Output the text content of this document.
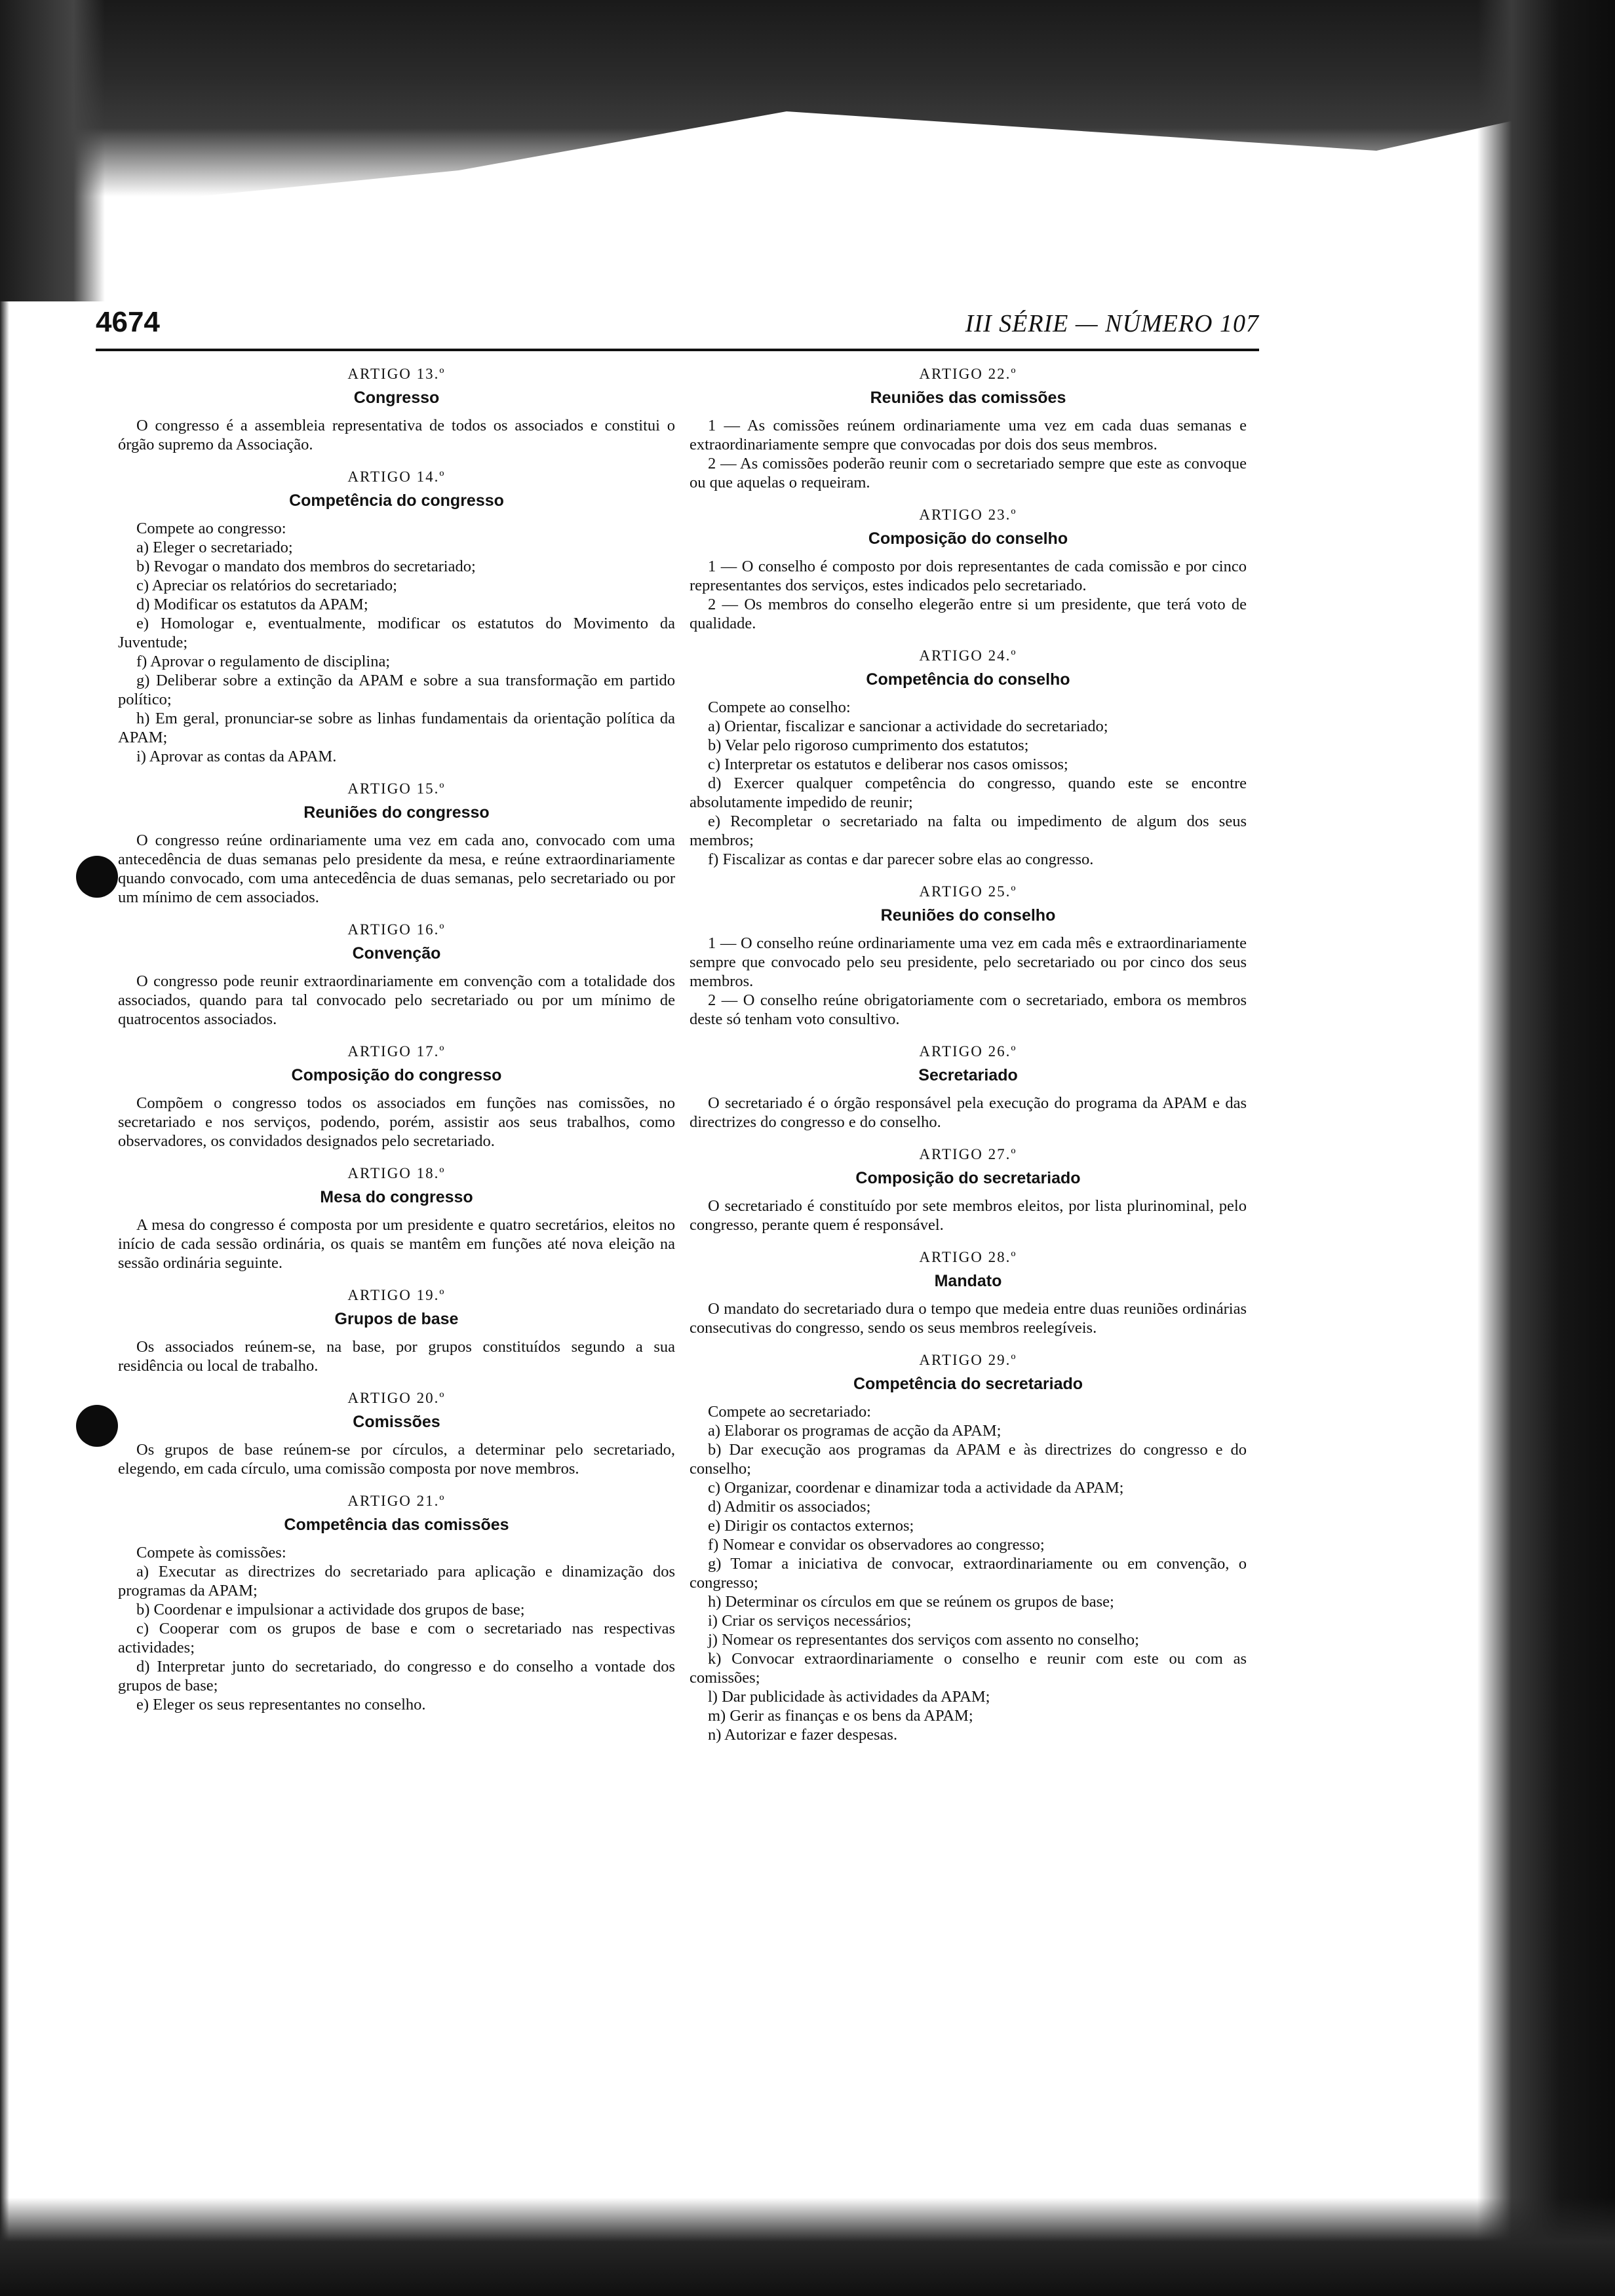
4674	III SÉRIE — NÚMERO 107
ARTIGO 13.º
Congresso

O congresso é a assembleia representativa de todos os associados e constitui o órgão supremo da Associação.

ARTIGO 14.º
Competência do congresso

Compete ao congresso:

a) Eleger o secretariado;

b) Revogar o mandato dos membros do secretariado;

c) Apreciar os relatórios do secretariado;

d) Modificar os estatutos da APAM;

e) Homologar e, eventualmente, modificar os estatutos do Movimento da Juventude;

f) Aprovar o regulamento de disciplina;

g) Deliberar sobre a extinção da APAM e sobre a sua transformação em partido político;

h) Em geral, pronunciar-se sobre as linhas fundamentais da orientação política da APAM;

i) Aprovar as contas da APAM.

ARTIGO 15.º
Reuniões do congresso

O congresso reúne ordinariamente uma vez em cada ano, convocado com uma antecedência de duas semanas pelo presidente da mesa, e reúne extraordinariamente quando convocado, com uma antecedência de duas semanas, pelo secretariado ou por um mínimo de cem associados.

ARTIGO 16.º
Convenção

O congresso pode reunir extraordinariamente em convenção com a totalidade dos associados, quando para tal convocado pelo secretariado ou por um mínimo de quatrocentos associados.

ARTIGO 17.º
Composição do congresso

Compõem o congresso todos os associados em funções nas comissões, no secretariado e nos serviços, podendo, porém, assistir aos seus trabalhos, como observadores, os convidados designados pelo secretariado.

ARTIGO 18.º
Mesa do congresso

A mesa do congresso é composta por um presidente e quatro secretários, eleitos no início de cada sessão ordinária, os quais se mantêm em funções até nova eleição na sessão ordinária seguinte.

ARTIGO 19.º
Grupos de base

Os associados reúnem-se, na base, por grupos constituídos segundo a sua residência ou local de trabalho.

ARTIGO 20.º
Comissões

Os grupos de base reúnem-se por círculos, a determinar pelo secretariado, elegendo, em cada círculo, uma comissão composta por nove membros.

ARTIGO 21.º
Competência das comissões

Compete às comissões:

a) Executar as directrizes do secretariado para aplicação e dinamização dos programas da APAM;

b) Coordenar e impulsionar a actividade dos grupos de base;

c) Cooperar com os grupos de base e com o secretariado nas respectivas actividades;

d) Interpretar junto do secretariado, do congresso e do conselho a vontade dos grupos de base;

e) Eleger os seus representantes no conselho.

ARTIGO 22.º
Reuniões das comissões

1 — As comissões reúnem ordinariamente uma vez em cada duas semanas e extraordinariamente sempre que convocadas por dois dos seus membros.

2 — As comissões poderão reunir com o secretariado sempre que este as convoque ou que aquelas o requeiram.

ARTIGO 23.º
Composição do conselho

1 — O conselho é composto por dois representantes de cada comissão e por cinco representantes dos serviços, estes indicados pelo secretariado.

2 — Os membros do conselho elegerão entre si um presidente, que terá voto de qualidade.

ARTIGO 24.º
Competência do conselho

Compete ao conselho:

a) Orientar, fiscalizar e sancionar a actividade do secretariado;

b) Velar pelo rigoroso cumprimento dos estatutos;

c) Interpretar os estatutos e deliberar nos casos omissos;

d) Exercer qualquer competência do congresso, quando este se encontre absolutamente impedido de reunir;

e) Recompletar o secretariado na falta ou impedimento de algum dos seus membros;

f) Fiscalizar as contas e dar parecer sobre elas ao congresso.

ARTIGO 25.º
Reuniões do conselho

1 — O conselho reúne ordinariamente uma vez em cada mês e extraordinariamente sempre que convocado pelo seu presidente, pelo secretariado ou por cinco dos seus membros.

2 — O conselho reúne obrigatoriamente com o secretariado, embora os membros deste só tenham voto consultivo.

ARTIGO 26.º
Secretariado

O secretariado é o órgão responsável pela execução do programa da APAM e das directrizes do congresso e do conselho.

ARTIGO 27.º
Composição do secretariado

O secretariado é constituído por sete membros eleitos, por lista plurinominal, pelo congresso, perante quem é responsável.

ARTIGO 28.º
Mandato

O mandato do secretariado dura o tempo que medeia entre duas reuniões ordinárias consecutivas do congresso, sendo os seus membros reelegíveis.

ARTIGO 29.º
Competência do secretariado

Compete ao secretariado:

a) Elaborar os programas de acção da APAM;

b) Dar execução aos programas da APAM e às directrizes do congresso e do conselho;

c) Organizar, coordenar e dinamizar toda a actividade da APAM;

d) Admitir os associados;

e) Dirigir os contactos externos;

f) Nomear e convidar os observadores ao congresso;

g) Tomar a iniciativa de convocar, extraordinariamente ou em convenção, o congresso;

h) Determinar os círculos em que se reúnem os grupos de base;

i) Criar os serviços necessários;

j) Nomear os representantes dos serviços com assento no conselho;

k) Convocar extraordinariamente o conselho e reunir com este ou com as comissões;

l) Dar publicidade às actividades da APAM;

m) Gerir as finanças e os bens da APAM;

n) Autorizar e fazer despesas.
